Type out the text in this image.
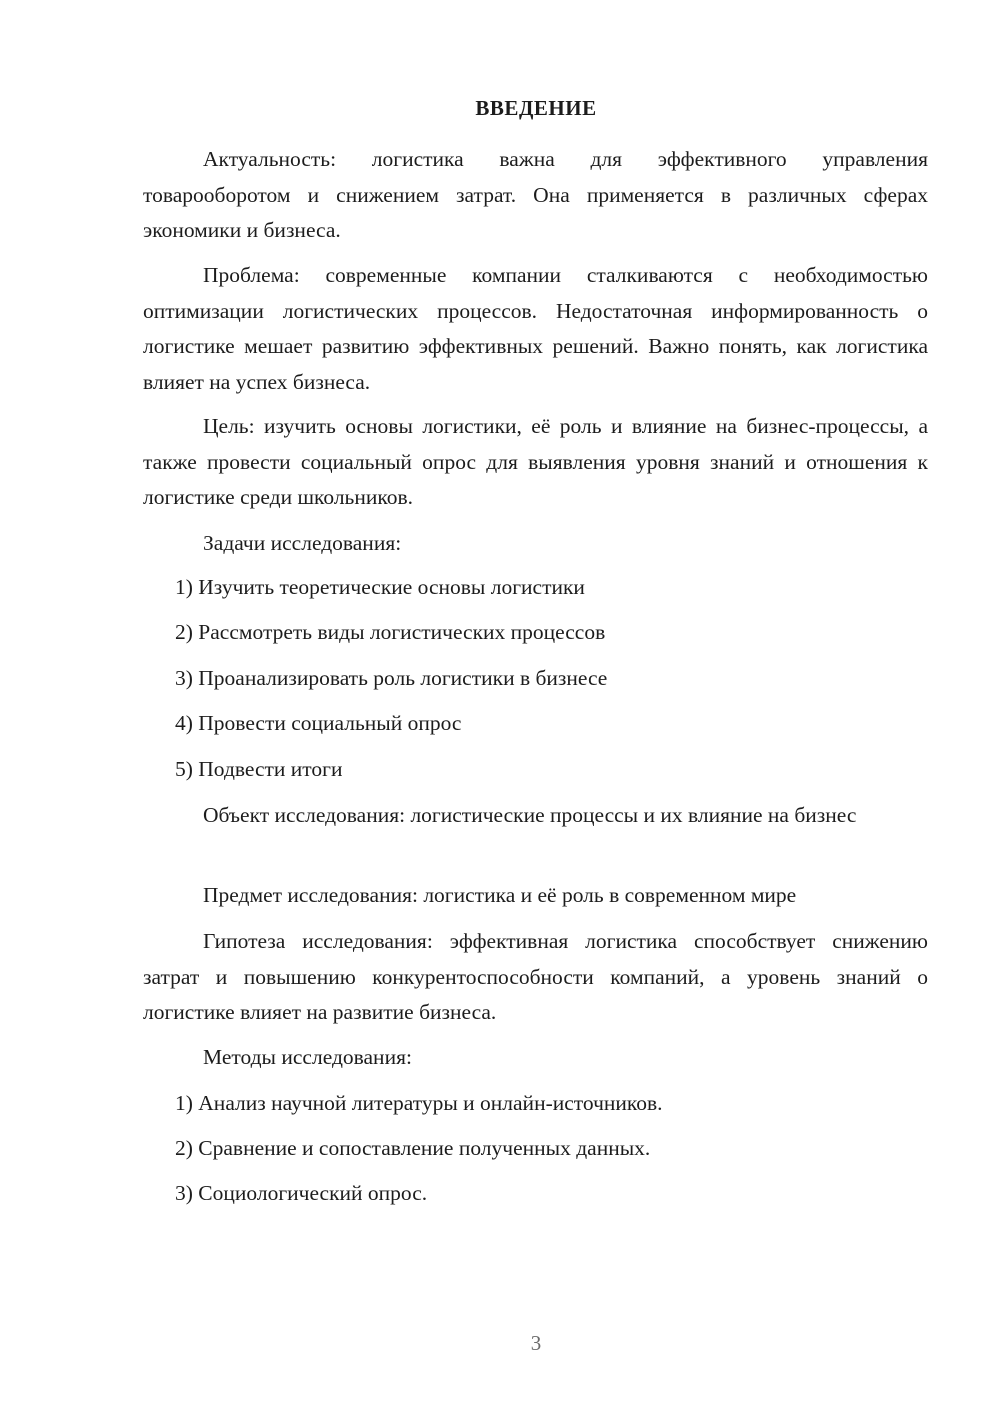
ВВЕДЕНИЕ

Актуальность: логистика важна для эффективного управления товарооборотом и снижением затрат. Она применяется в различных сферах экономики и бизнеса.

Проблема: современные компании сталкиваются с необходимостью оптимизации логистических процессов. Недостаточная информированность о логистике мешает развитию эффективных решений. Важно понять, как логистика влияет на успех бизнеса.

Цель: изучить основы логистики, её роль и влияние на бизнес-процессы, а также провести социальный опрос для выявления уровня знаний и отношения к логистике среди школьников.

Задачи исследования:

1) Изучить теоретические основы логистики

2) Рассмотреть виды логистических процессов

3) Проанализировать роль логистики в бизнесе

4) Провести социальный опрос

5) Подвести итоги

Объект исследования: логистические процессы и их влияние на бизнес

Предмет исследования: логистика и её роль в современном мире

Гипотеза исследования: эффективная логистика способствует снижению затрат и повышению конкурентоспособности компаний, а уровень знаний о логистике влияет на развитие бизнеса.

Методы исследования:

1) Анализ научной литературы и онлайн-источников.

2) Сравнение и сопоставление полученных данных.

3) Социологический опрос.

3
